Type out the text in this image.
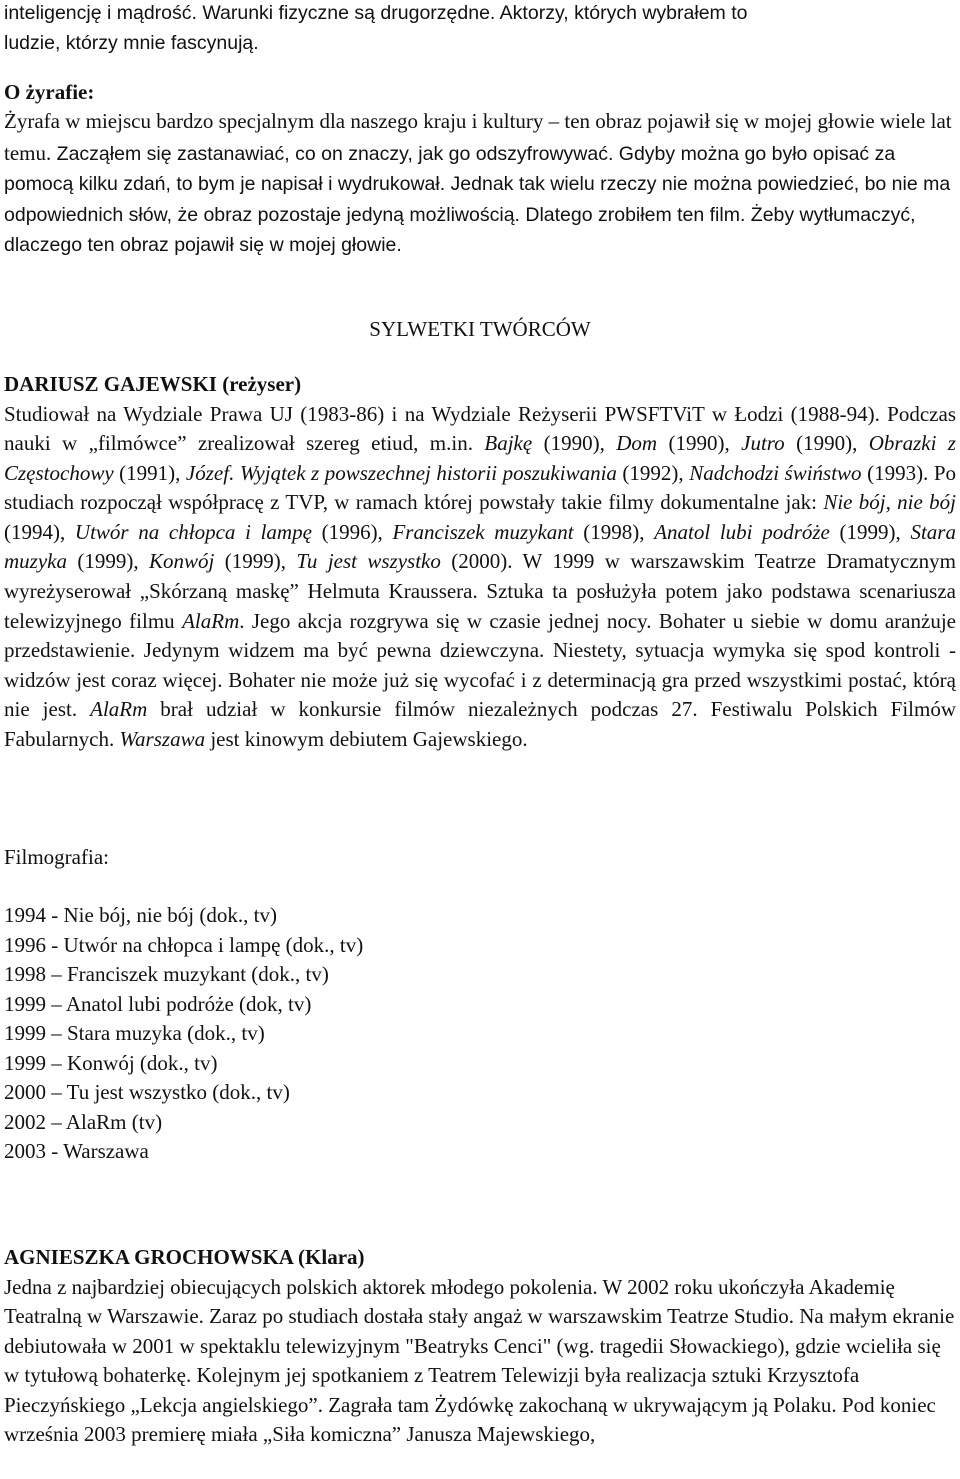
inteligencję i mądrość. Warunki fizyczne są drugorzędne. Aktorzy, których wybrałem to

ludzie, którzy mnie fascynują.

O żyrafie:

Żyrafa w miejscu bardzo specjalnym dla naszego kraju i kultury – ten obraz pojawił się w mojej głowie wiele lat temu. Zacząłem się zastanawiać, co on znaczy, jak go odszyfrowywać. Gdyby można go było opisać za pomocą kilku zdań, to bym je napisał i wydrukował. Jednak tak wielu rzeczy nie można powiedzieć, bo nie ma odpowiednich słów, że obraz pozostaje jedyną możliwością. Dlatego zrobiłem ten film. Żeby wytłumaczyć, dlaczego ten obraz pojawił się w mojej głowie.

SYLWETKI TWÓRCÓW

DARIUSZ GAJEWSKI (reżyser)

Studiował na Wydziale Prawa UJ (1983-86) i na Wydziale Reżyserii PWSFTViT w Łodzi (1988-94). Podczas nauki w „filmówce” zrealizował szereg etiud, m.in. Bajkę (1990), Dom (1990), Jutro (1990), Obrazki z Częstochowy (1991), Józef. Wyjątek z powszechnej historii poszukiwania (1992), Nadchodzi świństwo (1993). Po studiach rozpoczął współpracę z TVP, w ramach której powstały takie filmy dokumentalne jak: Nie bój, nie bój (1994), Utwór na chłopca i lampę (1996), Franciszek muzykant (1998), Anatol lubi podróże (1999), Stara muzyka (1999), Konwój (1999), Tu jest wszystko (2000). W 1999 w warszawskim Teatrze Dramatycznym wyreżyserował „Skórzaną maskę” Helmuta Kraussera. Sztuka ta posłużyła potem jako podstawa scenariusza telewizyjnego filmu AlaRm. Jego akcja rozgrywa się w czasie jednej nocy. Bohater u siebie w domu aranżuje przedstawienie. Jedynym widzem ma być pewna dziewczyna. Niestety, sytuacja wymyka się spod kontroli - widzów jest coraz więcej. Bohater nie może już się wycofać i z determinacją gra przed wszystkimi postać, którą nie jest. AlaRm brał udział w konkursie filmów niezależnych podczas 27. Festiwalu Polskich Filmów Fabularnych. Warszawa jest kinowym debiutem Gajewskiego.

Filmografia:

1994 - Nie bój, nie bój (dok., tv)

1996 - Utwór na chłopca i lampę (dok., tv)

1998 – Franciszek muzykant (dok., tv)

1999 – Anatol lubi podróże (dok, tv)

1999 – Stara muzyka (dok., tv)

1999 – Konwój (dok., tv)

2000 – Tu jest wszystko (dok., tv)

2002 – AlaRm (tv)

2003 - Warszawa

AGNIESZKA GROCHOWSKA (Klara)

Jedna z najbardziej obiecujących polskich aktorek młodego pokolenia. W 2002 roku ukończyła Akademię Teatralną w Warszawie. Zaraz po studiach dostała stały angaż w warszawskim Teatrze Studio. Na małym ekranie debiutowała w 2001 w spektaklu telewizyjnym "Beatryks Cenci" (wg. tragedii Słowackiego), gdzie wcieliła się w tytułową bohaterkę. Kolejnym jej spotkaniem z Teatrem Telewizji była realizacja sztuki Krzysztofa Pieczyńskiego „Lekcja angielskiego”. Zagrała tam Żydówkę zakochaną w ukrywającym ją Polaku. Pod koniec września 2003 premierę miała „Siła komiczna” Janusza Majewskiego,
